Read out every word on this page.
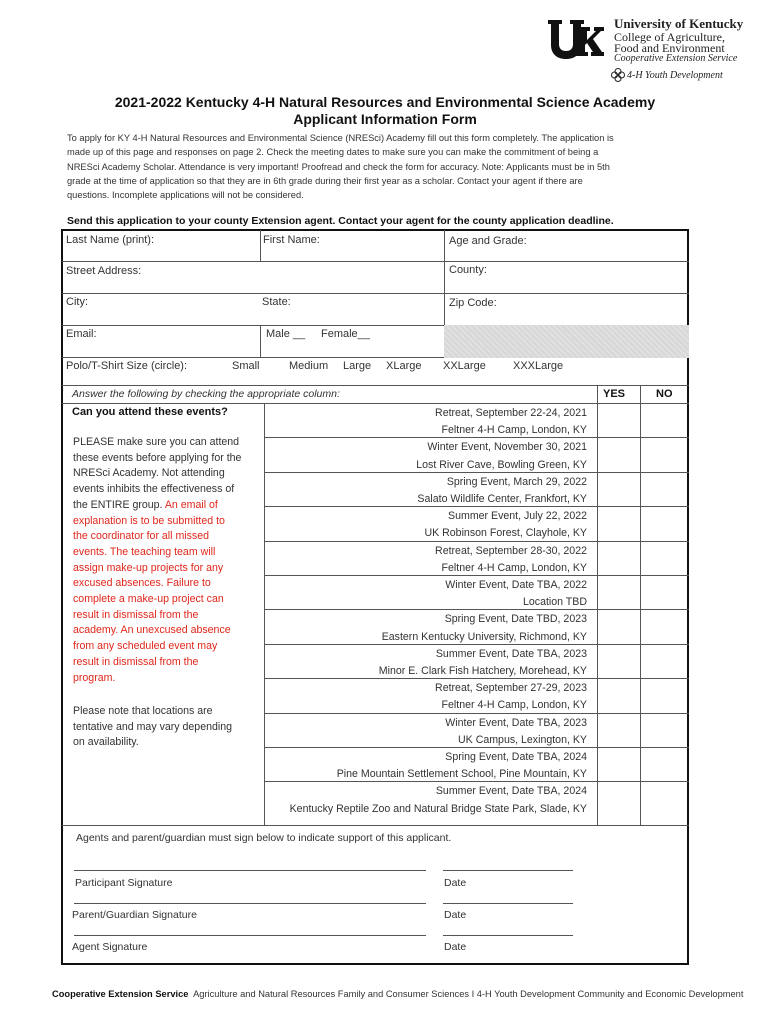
University of Kentucky
College of Agriculture,
Food and Environment
Cooperative Extension Service
4-H Youth Development
2021-2022 Kentucky 4-H Natural Resources and Environmental Science Academy
Applicant Information Form
To apply for KY 4-H Natural Resources and Environmental Science (NRESci) Academy fill out this form completely. The application is
made up of this page and responses on page 2. Check the meeting dates to make sure you can make the commitment of being a
NRESci Academy Scholar. Attendance is very important! Proofread and check the form for accuracy. Note: Applicants must be in 5th
grade at the time of application so that they are in 6th grade during their first year as a scholar. Contact your agent if there are
questions. Incomplete applications will not be considered.
Send this application to your county Extension agent. Contact your agent for the county application deadline.
Last Name (print):	First Name:	Age and Grade:
Street Address:	County:
City:	State:	Zip Code:
Email:	Male __ Female__
Polo/T-Shirt Size (circle):	Small	Medium Large XLarge XXLarge XXXLarge
Answer the following by checking the appropriate column:	YES	NO
Can you attend these events?
PLEASE make sure you can attend
these events before applying for the
NRESci Academy. Not attending
events inhibits the effectiveness of
the ENTIRE group. An email of
explanation is to be submitted to
the coordinator for all missed
events. The teaching team will
assign make-up projects for any
excused absences. Failure to
complete a make-up project can
result in dismissal from the
academy. An unexcused absence
from any scheduled event may
result in dismissal from the
program.
Please note that locations are
tentative and may vary depending
on availability.
Retreat, September 22-24, 2021
Feltner 4-H Camp, London, KY
Winter Event, November 30, 2021
Lost River Cave, Bowling Green, KY
Spring Event, March 29, 2022
Salato Wildlife Center, Frankfort, KY
Summer Event, July 22, 2022
UK Robinson Forest, Clayhole, KY
Retreat, September 28-30, 2022
Feltner 4-H Camp, London, KY
Winter Event, Date TBA, 2022
Location TBD
Spring Event, Date TBD, 2023
Eastern Kentucky University, Richmond, KY
Summer Event, Date TBA, 2023
Minor E. Clark Fish Hatchery, Morehead, KY
Retreat, September 27-29, 2023
Feltner 4-H Camp, London, KY
Winter Event, Date TBA, 2023
UK Campus, Lexington, KY
Spring Event, Date TBA, 2024
Pine Mountain Settlement School, Pine Mountain, KY
Summer Event, Date TBA, 2024
Kentucky Reptile Zoo and Natural Bridge State Park, Slade, KY
Agents and parent/guardian must sign below to indicate support of this applicant.
Participant Signature	Date
Parent/Guardian Signature	Date
Agent Signature	Date
Cooperative Extension Service Agriculture and Natural Resources Family and Consumer Sciences I 4-H Youth Development Community and Economic Development
